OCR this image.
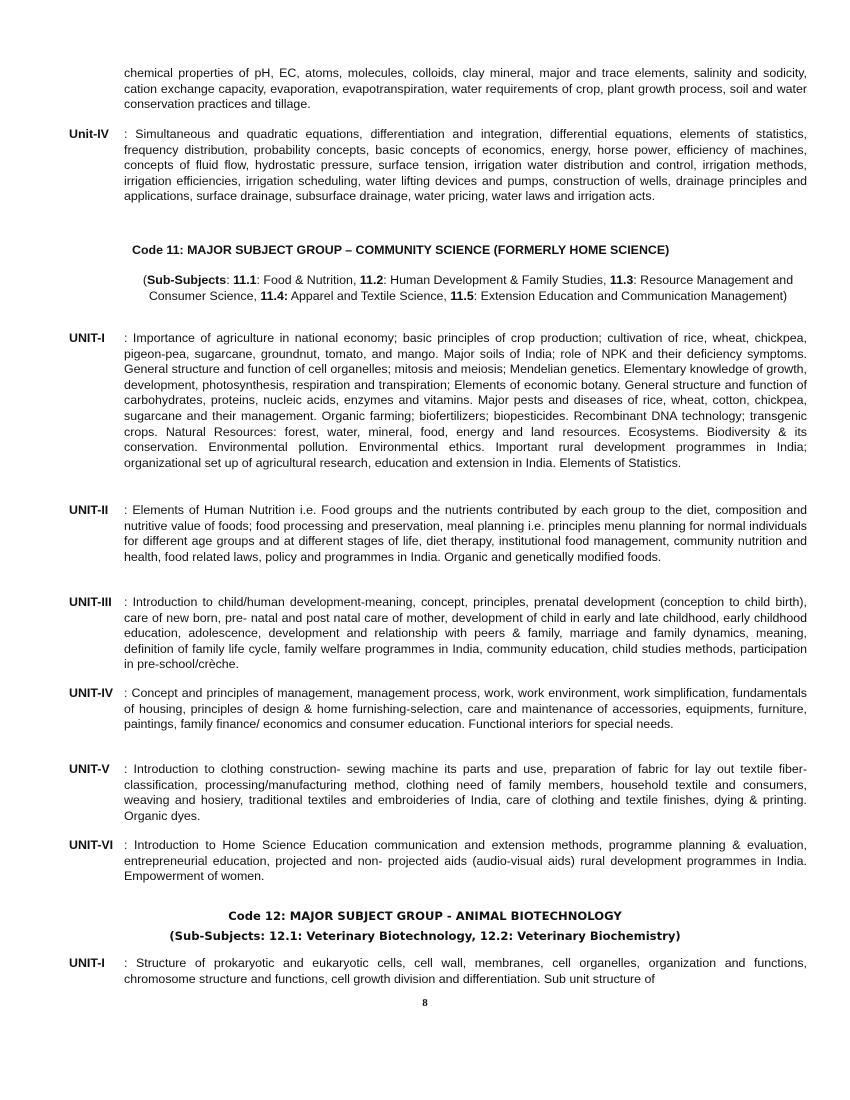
chemical properties of pH, EC, atoms, molecules, colloids, clay mineral, major and trace elements, salinity and sodicity, cation exchange capacity, evaporation, evapotranspiration, water requirements of crop, plant growth process, soil and water conservation practices and tillage.
Unit-IV : Simultaneous and quadratic equations, differentiation and integration, differential equations, elements of statistics, frequency distribution, probability concepts, basic concepts of economics, energy, horse power, efficiency of machines, concepts of fluid flow, hydrostatic pressure, surface tension, irrigation water distribution and control, irrigation methods, irrigation efficiencies, irrigation scheduling, water lifting devices and pumps, construction of wells, drainage principles and applications, surface drainage, subsurface drainage, water pricing, water laws and irrigation acts.
Code 11: MAJOR SUBJECT GROUP – COMMUNITY SCIENCE (FORMERLY HOME SCIENCE)
(Sub-Subjects: 11.1: Food & Nutrition, 11.2: Human Development & Family Studies, 11.3: Resource Management and Consumer Science, 11.4: Apparel and Textile Science, 11.5: Extension Education and Communication Management)
UNIT-I : Importance of agriculture in national economy; basic principles of crop production; cultivation of rice, wheat, chickpea, pigeon-pea, sugarcane, groundnut, tomato, and mango. Major soils of India; role of NPK and their deficiency symptoms. General structure and function of cell organelles; mitosis and meiosis; Mendelian genetics. Elementary knowledge of growth, development, photosynthesis, respiration and transpiration; Elements of economic botany. General structure and function of carbohydrates, proteins, nucleic acids, enzymes and vitamins. Major pests and diseases of rice, wheat, cotton, chickpea, sugarcane and their management. Organic farming; biofertilizers; biopesticides. Recombinant DNA technology; transgenic crops. Natural Resources: forest, water, mineral, food, energy and land resources. Ecosystems. Biodiversity & its conservation. Environmental pollution. Environmental ethics. Important rural development programmes in India; organizational set up of agricultural research, education and extension in India. Elements of Statistics.
UNIT-II : Elements of Human Nutrition i.e. Food groups and the nutrients contributed by each group to the diet, composition and nutritive value of foods; food processing and preservation, meal planning i.e. principles menu planning for normal individuals for different age groups and at different stages of life, diet therapy, institutional food management, community nutrition and health, food related laws, policy and programmes in India. Organic and genetically modified foods.
UNIT-III : Introduction to child/human development-meaning, concept, principles, prenatal development (conception to child birth), care of new born, pre- natal and post natal care of mother, development of child in early and late childhood, early childhood education, adolescence, development and relationship with peers & family, marriage and family dynamics, meaning, definition of family life cycle, family welfare programmes in India, community education, child studies methods, participation in pre-school/crèche.
UNIT-IV : Concept and principles of management, management process, work, work environment, work simplification, fundamentals of housing, principles of design & home furnishing-selection, care and maintenance of accessories, equipments, furniture, paintings, family finance/ economics and consumer education. Functional interiors for special needs.
UNIT-V : Introduction to clothing construction- sewing machine its parts and use, preparation of fabric for lay out textile fiber-classification, processing/manufacturing method, clothing need of family members, household textile and consumers, weaving and hosiery, traditional textiles and embroideries of India, care of clothing and textile finishes, dying & printing. Organic dyes.
UNIT-VI : Introduction to Home Science Education communication and extension methods, programme planning & evaluation, entrepreneurial education, projected and non- projected aids (audio-visual aids) rural development programmes in India. Empowerment of women.
Code 12: MAJOR SUBJECT GROUP - ANIMAL BIOTECHNOLOGY
(Sub-Subjects: 12.1: Veterinary Biotechnology, 12.2: Veterinary Biochemistry)
UNIT-I : Structure of prokaryotic and eukaryotic cells, cell wall, membranes, cell organelles, organization and functions, chromosome structure and functions, cell growth division and differentiation. Sub unit structure of
8
